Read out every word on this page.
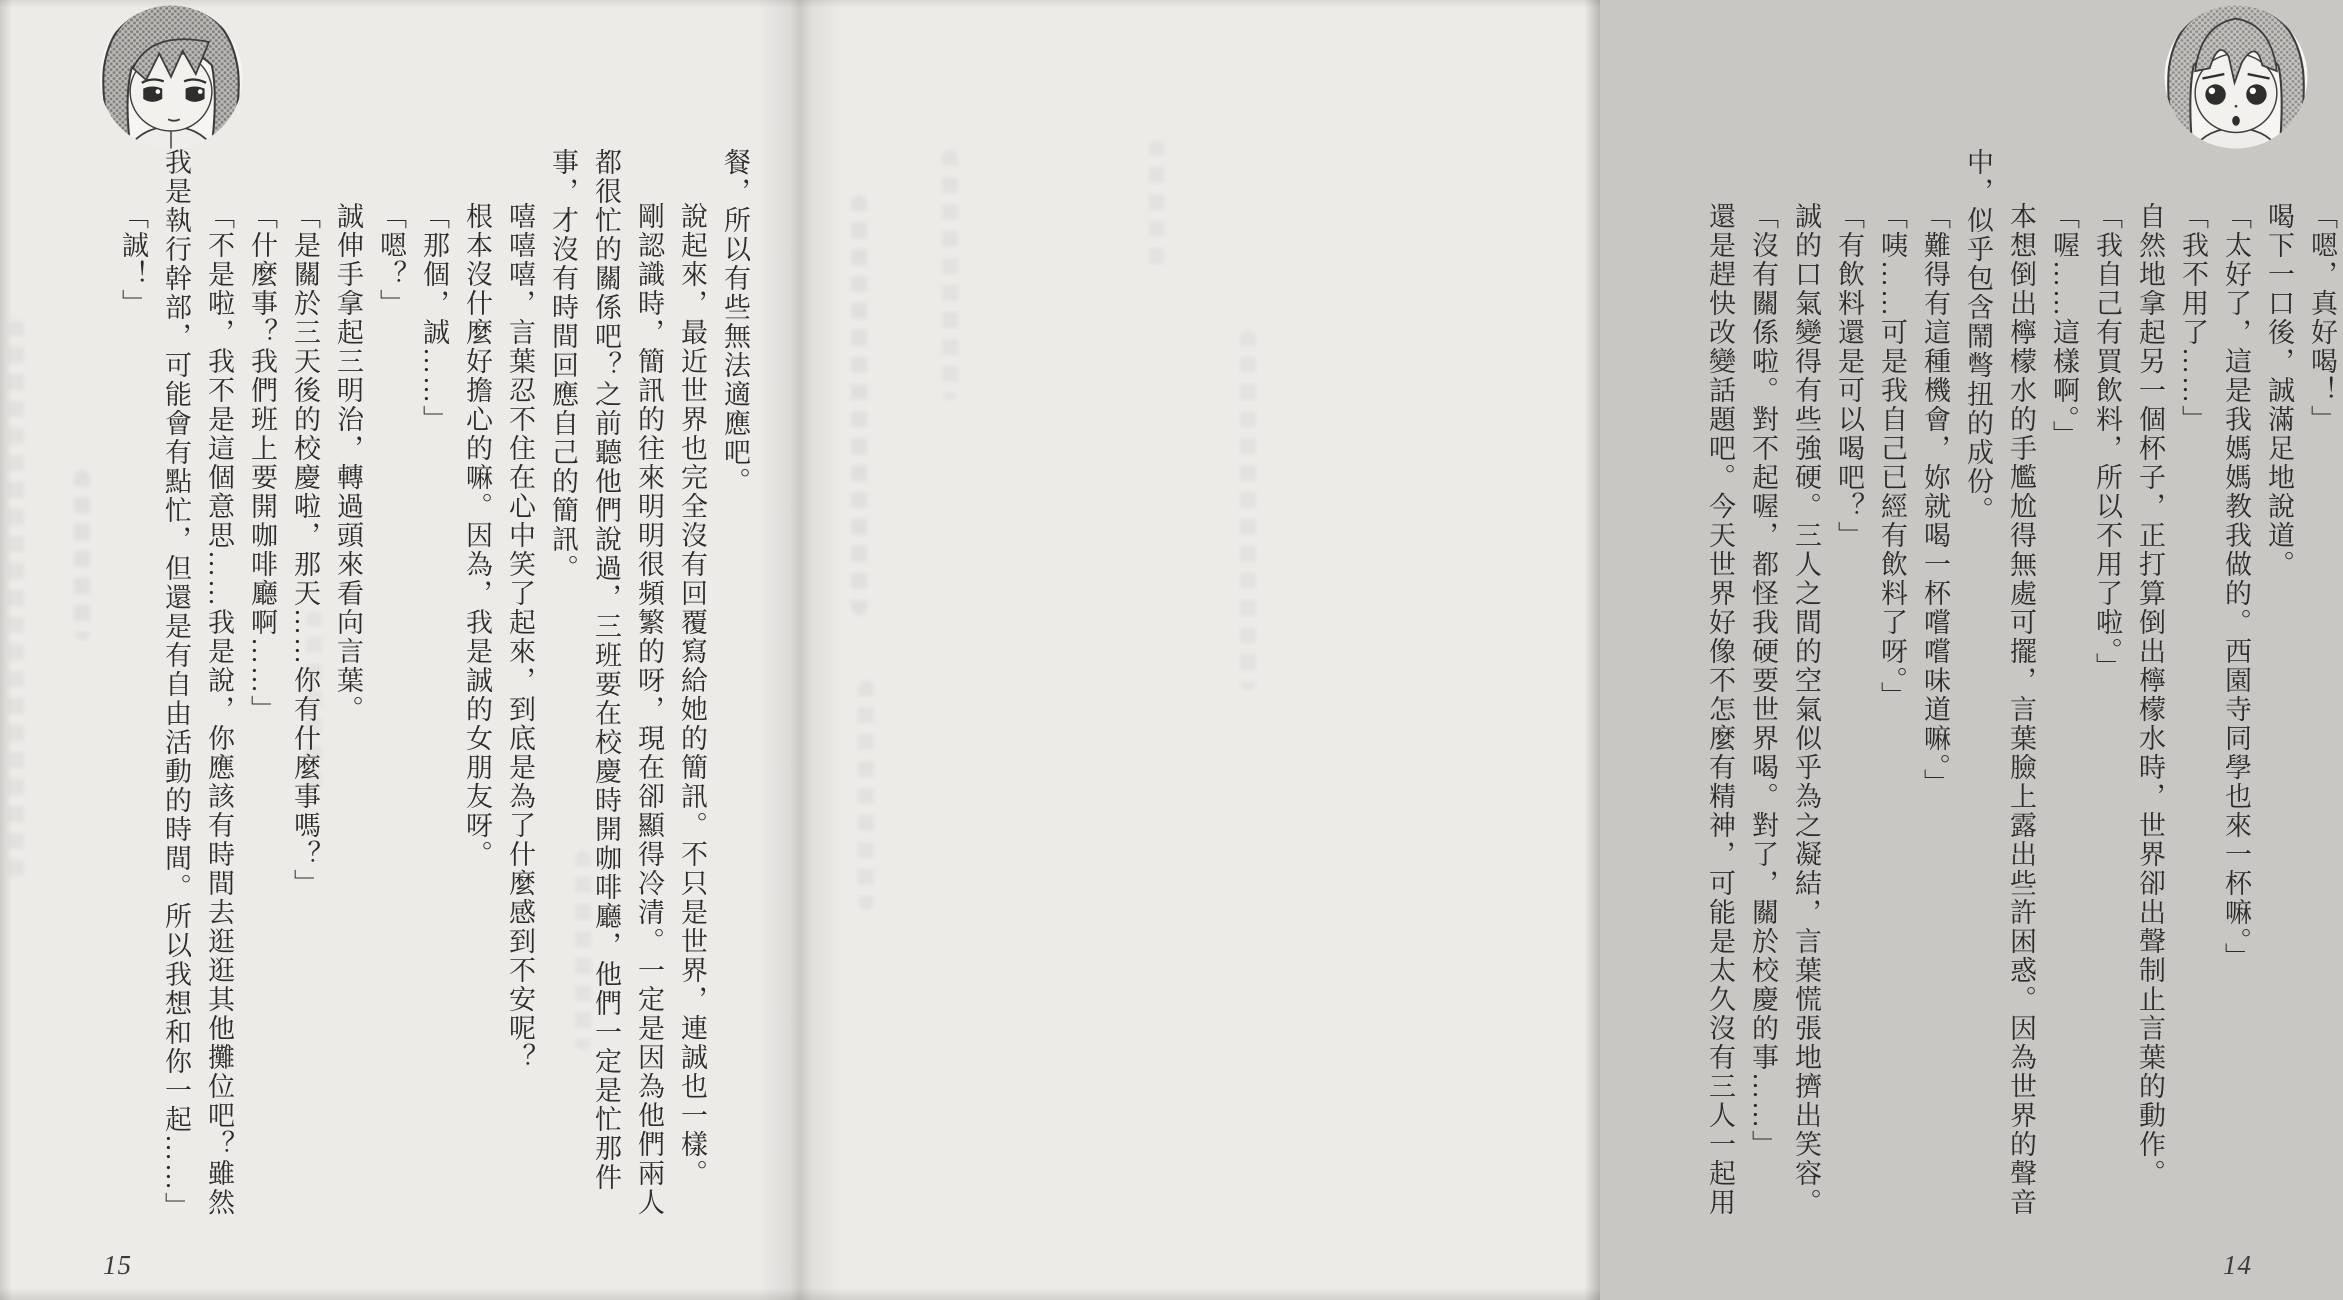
餐，所以有些無法適應吧。

說起來，最近世界也完全沒有回覆寫給她的簡訊。不只是世界，連誠也一樣。

剛認識時，簡訊的往來明明很頻繁的呀，現在卻顯得冷清。一定是因為他們兩人都很忙的關係吧？之前聽他們說過，三班要在校慶時開咖啡廳，他們一定是忙那件事，才沒有時間回應自己的簡訊。

嘻嘻嘻，言葉忍不住在心中笑了起來，到底是為了什麼感到不安呢？

根本沒什麼好擔心的嘛。因為，我是誠的女朋友呀。

「那個，誠……」

「嗯？」

誠伸手拿起三明治，轉過頭來看向言葉。

「是關於三天後的校慶啦，那天……你有什麼事嗎？」

「什麼事？我們班上要開咖啡廳啊……」

「不是啦，我不是這個意思……我是說，你應該有時間去逛逛其他攤位吧？雖然我是執行幹部，可能會有點忙，但還是有自由活動的時間。所以我想和你一起……」

「誠！」

15

「嗯，真好喝！」

喝下一口後，誠滿足地說道。

「太好了，這是我媽媽教我做的。西園寺同學也來一杯嘛。」

「我不用了……」

自然地拿起另一個杯子，正打算倒出檸檬水時，世界卻出聲制止言葉的動作。

「我自己有買飲料，所以不用了啦。」

「喔……這樣啊。」

本想倒出檸檬水的手尷尬得無處可擺，言葉臉上露出些許困惑。因為世界的聲音中，似乎包含鬧彆扭的成份。

「難得有這種機會，妳就喝一杯嚐嚐味道嘛。」

「咦……可是我自己已經有飲料了呀。」

「有飲料還是可以喝吧？」

誠的口氣變得有些強硬。三人之間的空氣似乎為之凝結，言葉慌張地擠出笑容。

「沒有關係啦。對不起喔，都怪我硬要世界喝。對了，關於校慶的事……」

還是趕快改變話題吧。今天世界好像不怎麼有精神，可能是太久沒有三人一起用

14
